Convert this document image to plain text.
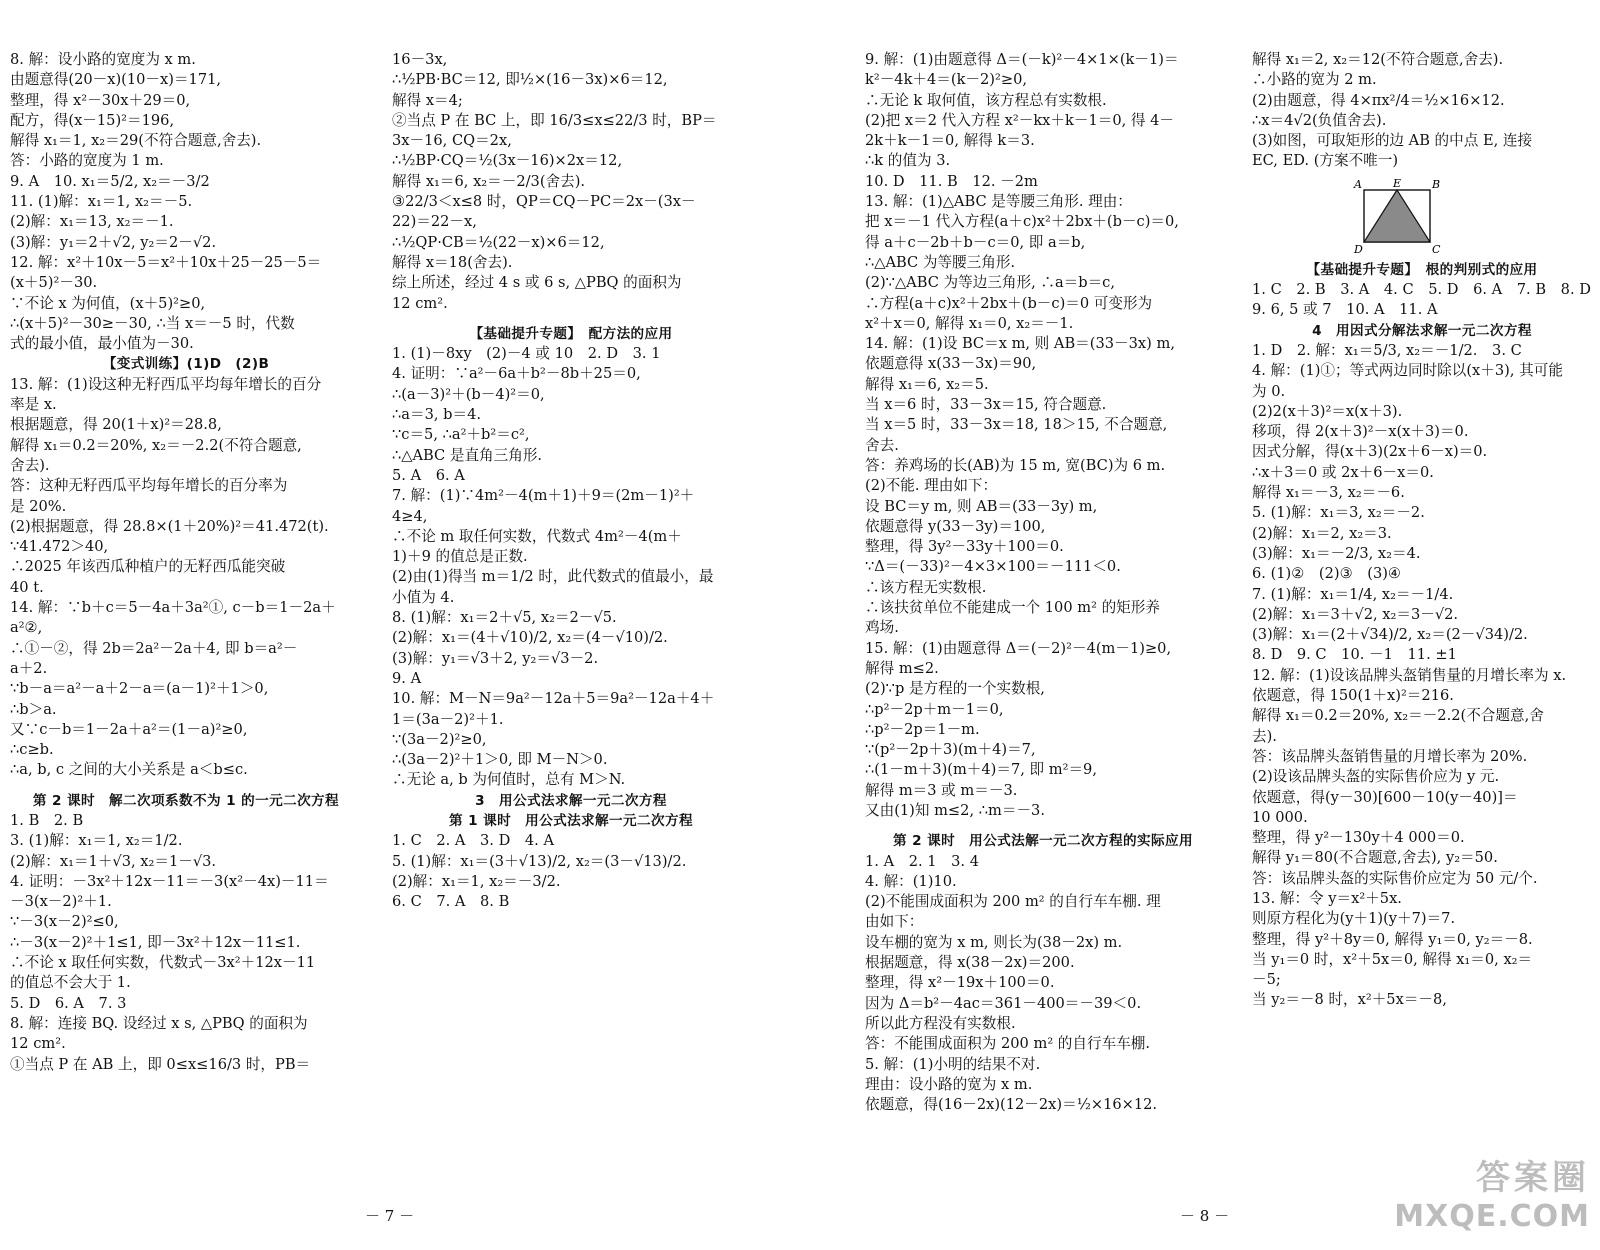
8. 解：设小路的宽度为 x m.
由题意得(20－x)(10－x)＝171,
整理，得 x²－30x＋29＝0,
配方，得(x－15)²＝196,
解得 x₁＝1, x₂＝29(不符合题意,舍去).
答：小路的宽度为 1 m.
9. A　10. x₁＝5/2, x₂＝－3/2
11. (1)解：x₁＝1, x₂＝－5.
(2)解：x₁＝13, x₂＝－1.
(3)解：y₁＝2＋√2, y₂＝2－√2.
12. 解：x²＋10x－5＝x²＋10x＋25－25－5＝
(x＋5)²－30.
∵不论 x 为何值，(x＋5)²≥0,
∴(x＋5)²－30≥－30, ∴当 x＝－5 时，代数
式的最小值，最小值为－30.
【变式训练】(1)D　(2)B
13. 解：(1)设这种无籽西瓜平均每年增长的百分
率是 x.
根据题意，得 20(1＋x)²＝28.8,
解得 x₁＝0.2＝20%, x₂＝－2.2(不符合题意,
舍去).
答：这种无籽西瓜平均每年增长的百分率为
是 20%.
(2)根据题意，得 28.8×(1＋20%)²＝41.472(t).
∵41.472＞40,
∴2025 年该西瓜种植户的无籽西瓜能突破
40 t.
14. 解：∵b＋c＝5－4a＋3a²①, c－b＝1－2a＋
a²②,
∴①－②，得 2b＝2a²－2a＋4, 即 b＝a²－
a＋2.
∵b－a＝a²－a＋2－a＝(a－1)²＋1＞0,
∴b＞a.
又∵c－b＝1－2a＋a²＝(1－a)²≥0,
∴c≥b.
∴a, b, c 之间的大小关系是 a＜b≤c.
第 2 课时　解二次项系数不为 1 的一元二次方程
1. B　2. B
3. (1)解：x₁＝1, x₂＝1/2.
(2)解：x₁＝1＋√3, x₂＝1－√3.
4. 证明：－3x²＋12x－11＝－3(x²－4x)－11＝
－3(x－2)²＋1.
∵－3(x－2)²≤0,
∴－3(x－2)²＋1≤1, 即－3x²＋12x－11≤1.
∴不论 x 取任何实数，代数式－3x²＋12x－11
的值总不会大于 1.
5. D　6. A　7. 3
8. 解：连接 BQ. 设经过 x s, △PBQ 的面积为
12 cm².
①当点 P 在 AB 上，即 0≤x≤16/3 时，PB＝
16－3x,
∴½PB·BC＝12, 即½×(16－3x)×6＝12,
解得 x＝4;
②当点 P 在 BC 上，即 16/3≤x≤22/3 时，BP＝
3x－16, CQ＝2x,
∴½BP·CQ＝½(3x－16)×2x＝12,
解得 x₁＝6, x₂＝－2/3(舍去).
③22/3＜x≤8 时，QP＝CQ－PC＝2x－(3x－
22)＝22－x,
∴½QP·CB＝½(22－x)×6＝12,
解得 x＝18(舍去).
综上所述，经过 4 s 或 6 s, △PBQ 的面积为
12 cm².
【基础提升专题】　配方法的应用
1. (1)－8xy　(2)－4 或 10　2. D　3. 1
4. 证明：∵a²－6a＋b²－8b＋25＝0,
∴(a－3)²＋(b－4)²＝0,
∴a＝3, b＝4.
∵c＝5, ∴a²＋b²＝c²,
∴△ABC 是直角三角形.
5. A　6. A
7. 解：(1)∵4m²－4(m＋1)＋9＝(2m－1)²＋
4≥4,
∴不论 m 取任何实数，代数式 4m²－4(m＋
1)＋9 的值总是正数.
(2)由(1)得当 m＝1/2 时，此代数式的值最小，最
小值为 4.
8. (1)解：x₁＝2＋√5, x₂＝2－√5.
(2)解：x₁＝(4＋√10)/2, x₂＝(4－√10)/2.
(3)解：y₁＝√3＋2, y₂＝√3－2.
9. A
10. 解：M－N＝9a²－12a＋5＝9a²－12a＋4＋
1＝(3a－2)²＋1.
∵(3a－2)²≥0,
∴(3a－2)²＋1＞0, 即 M－N＞0.
∴无论 a, b 为何值时，总有 M＞N.
3　用公式法求解一元二次方程
第 1 课时　用公式法求解一元二次方程
1. C　2. A　3. D　4. A
5. (1)解：x₁＝(3＋√13)/2, x₂＝(3－√13)/2.
(2)解：x₁＝1, x₂＝－3/2.
6. C　7. A　8. B
9. 解：(1)由题意得 Δ＝(－k)²－4×1×(k－1)＝
k²－4k＋4＝(k－2)²≥0,
∴无论 k 取何值，该方程总有实数根.
(2)把 x＝2 代入方程 x²－kx＋k－1＝0, 得 4－
2k＋k－1＝0, 解得 k＝3.
∴k 的值为 3.
10. D　11. B　12. －2m
13. 解：(1)△ABC 是等腰三角形. 理由：
把 x＝－1 代入方程(a＋c)x²＋2bx＋(b－c)＝0,
得 a＋c－2b＋b－c＝0, 即 a＝b,
∴△ABC 为等腰三角形.
(2)∵△ABC 为等边三角形, ∴a＝b＝c,
∴方程(a＋c)x²＋2bx＋(b－c)＝0 可变形为
x²＋x＝0, 解得 x₁＝0, x₂＝－1.
14. 解：(1)设 BC＝x m, 则 AB＝(33－3x) m,
依题意得 x(33－3x)＝90,
解得 x₁＝6, x₂＝5.
当 x＝6 时，33－3x＝15, 符合题意.
当 x＝5 时，33－3x＝18, 18＞15, 不合题意,
舍去.
答：养鸡场的长(AB)为 15 m, 宽(BC)为 6 m.
(2)不能. 理由如下：
设 BC＝y m, 则 AB＝(33－3y) m,
依题意得 y(33－3y)＝100,
整理，得 3y²－33y＋100＝0.
∵Δ＝(－33)²－4×3×100＝－111＜0.
∴该方程无实数根.
∴该扶贫单位不能建成一个 100 m² 的矩形养
鸡场.
15. 解：(1)由题意得 Δ＝(－2)²－4(m－1)≥0,
解得 m≤2.
(2)∵p 是方程的一个实数根,
∴p²－2p＋m－1＝0,
∴p²－2p＝1－m.
∵(p²－2p＋3)(m＋4)＝7,
∴(1－m＋3)(m＋4)＝7, 即 m²＝9,
解得 m＝3 或 m＝－3.
又由(1)知 m≤2, ∴m＝－3.
第 2 课时　用公式法解一元二次方程的实际应用
1. A　2. 1　3. 4
4. 解：(1)10.
(2)不能围成面积为 200 m² 的自行车车棚. 理
由如下：
设车棚的宽为 x m, 则长为(38－2x) m.
根据题意，得 x(38－2x)＝200.
整理，得 x²－19x＋100＝0.
因为 Δ＝b²－4ac＝361－400＝－39＜0.
所以此方程没有实数根.
答：不能围成面积为 200 m² 的自行车车棚.
5. 解：(1)小明的结果不对.
理由：设小路的宽为 x m.
依题意，得(16－2x)(12－2x)＝½×16×12.
解得 x₁＝2, x₂＝12(不符合题意,舍去).
∴小路的宽为 2 m.
(2)由题意，得 4×πx²/4＝½×16×12.
∴x＝4√2(负值舍去).
(3)如图，可取矩形的边 AB 的中点 E, 连接
EC, ED. (方案不唯一)
A	E	B
D	C
【基础提升专题】　根的判别式的应用
1. C　2. B　3. A　4. C　5. D　6. A　7. B　8. D
9. 6, 5 或 7　10. A　11. A
4　用因式分解法求解一元二次方程
1. D　2. 解：x₁＝5/3, x₂＝－1/2.　3. C
4. 解：(1)①；等式两边同时除以(x＋3), 其可能
为 0.
(2)2(x＋3)²＝x(x＋3).
移项，得 2(x＋3)²－x(x＋3)＝0.
因式分解，得(x＋3)(2x＋6－x)＝0.
∴x＋3＝0 或 2x＋6－x＝0.
解得 x₁＝－3, x₂＝－6.
5. (1)解：x₁＝3, x₂＝－2.
(2)解：x₁＝2, x₂＝3.
(3)解：x₁＝－2/3, x₂＝4.
6. (1)②　(2)③　(3)④
7. (1)解：x₁＝1/4, x₂＝－1/4.
(2)解：x₁＝3＋√2, x₂＝3－√2.
(3)解：x₁＝(2＋√34)/2, x₂＝(2－√34)/2.
8. D　9. C　10. －1　11. ±1
12. 解：(1)设该品牌头盔销售量的月增长率为 x.
依题意，得 150(1＋x)²＝216.
解得 x₁＝0.2＝20%, x₂＝－2.2(不合题意,舍
去).
答：该品牌头盔销售量的月增长率为 20%.
(2)设该品牌头盔的实际售价应为 y 元.
依题意，得(y－30)[600－10(y－40)]＝
10 000.
整理，得 y²－130y＋4 000＝0.
解得 y₁＝80(不合题意,舍去), y₂＝50.
答：该品牌头盔的实际售价应定为 50 元/个.
13. 解：令 y＝x²＋5x.
则原方程化为(y＋1)(y＋7)＝7.
整理，得 y²＋8y＝0, 解得 y₁＝0, y₂＝－8.
当 y₁＝0 时，x²＋5x＝0, 解得 x₁＝0, x₂＝
－5;
当 y₂＝－8 时，x²＋5x＝－8,
－ 7 －	－ 8 －
答案圈
MXQE.COM
